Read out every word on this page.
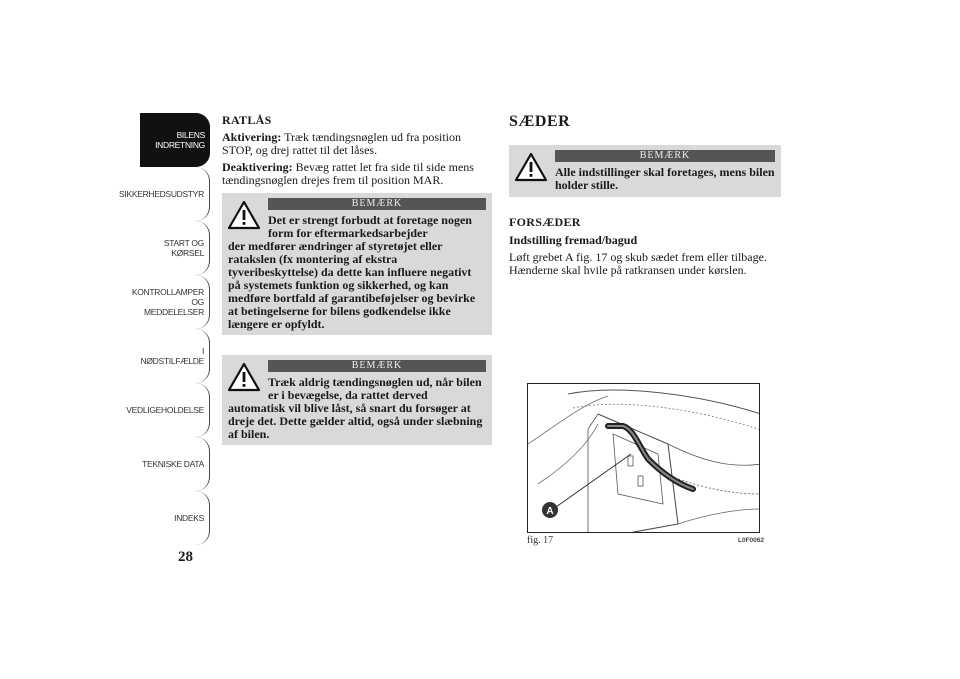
BILENS
INDRETNING
SIKKERHEDSUDSTYR
START OG KØRSEL
KONTROLLAMPER
OG MEDDELELSER
I NØDSTILFÆLDE
VEDLIGEHOLDELSE
TEKNISKE DATA
INDEKS
28
RATLÅS

Aktivering: Træk tændingsnøglen ud fra position STOP, og drej rattet til det låses.

Deaktivering: Bevæg rattet let fra side til side mens tændingsnøglen drejes frem til position MAR.

BEMÆRK
Det er strengt forbudt at foretage nogen form for eftermarkedsarbejder
der medfører ændringer af styretøjet eller ratakslen (fx montering af ekstra tyveribeskyttelse) da dette kan influere negativt på systemets funktion og sikkerhed, og kan medføre bortfald af garantibeføjelser og bevirke at betingelserne for bilens godkendelse ikke længere er opfyldt.
BEMÆRK
Træk aldrig tændingsnøglen ud, når bilen er i bevægelse, da rattet derved
automatisk vil blive låst, så snart du forsøger at dreje det. Dette gælder altid, også under slæbning af bilen.
SÆDER
BEMÆRK
Alle indstillinger skal foretages, mens bilen holder stille.
FORSÆDER
Indstilling fremad/bagud

Løft grebet A fig. 17 og skub sædet frem eller tilbage. Hænderne skal hvile på ratkransen under kørslen.

A
fig. 17	L0F0062
